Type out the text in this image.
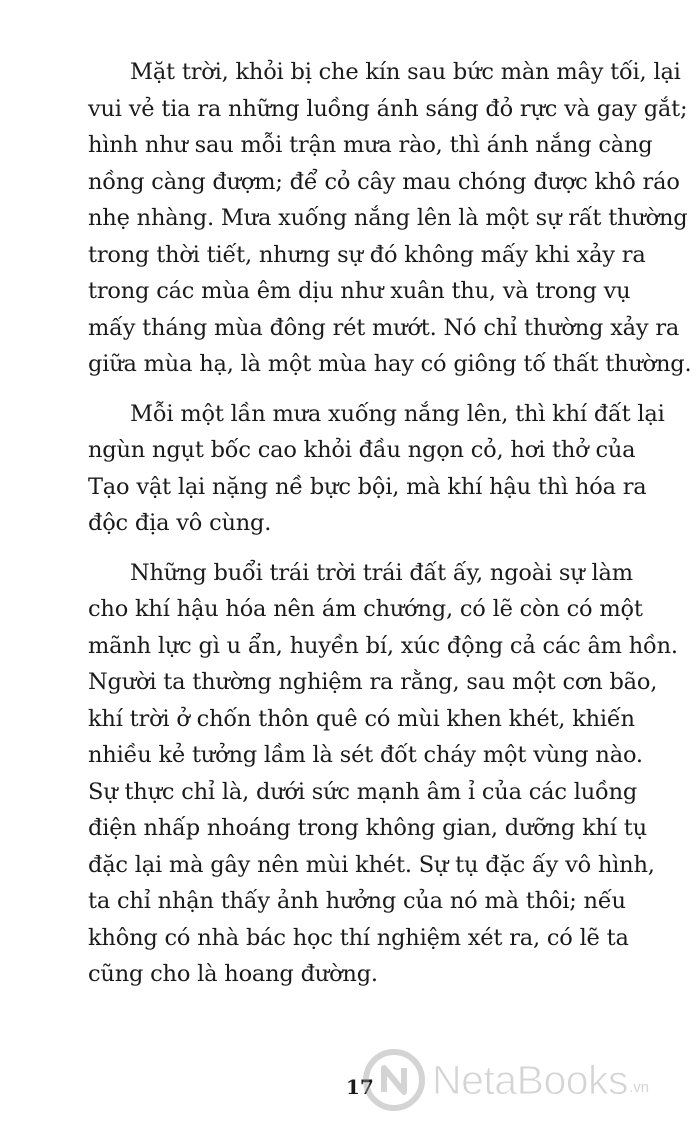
Mặt trời, khỏi bị che kín sau bức màn mây tối, lại
vui vẻ tia ra những luồng ánh sáng đỏ rực và gay gắt;
hình như sau mỗi trận mưa rào, thì ánh nắng càng
nồng càng đượm; để cỏ cây mau chóng được khô ráo
nhẹ nhàng. Mưa xuống nắng lên là một sự rất thường
trong thời tiết, nhưng sự đó không mấy khi xảy ra
trong các mùa êm dịu như xuân thu, và trong vụ
mấy tháng mùa đông rét mướt. Nó chỉ thường xảy ra
giữa mùa hạ, là một mùa hay có giông tố thất thường.

Mỗi một lần mưa xuống nắng lên, thì khí đất lại
ngùn ngụt bốc cao khỏi đầu ngọn cỏ, hơi thở của
Tạo vật lại nặng nề bực bội, mà khí hậu thì hóa ra
độc địa vô cùng.

Những buổi trái trời trái đất ấy, ngoài sự làm
cho khí hậu hóa nên ám chướng, có lẽ còn có một
mãnh lực gì u ẩn, huyền bí, xúc động cả các âm hồn.
Người ta thường nghiệm ra rằng, sau một cơn bão,
khí trời ở chốn thôn quê có mùi khen khét, khiến
nhiều kẻ tưởng lầm là sét đốt cháy một vùng nào.
Sự thực chỉ là, dưới sức mạnh âm ỉ của các luồng
điện nhấp nhoáng trong không gian, dưỡng khí tụ
đặc lại mà gây nên mùi khét. Sự tụ đặc ấy vô hình,
ta chỉ nhận thấy ảnh hưởng của nó mà thôi; nếu
không có nhà bác học thí nghiệm xét ra, có lẽ ta
cũng cho là hoang đường.

17 NetaBooks .vn
